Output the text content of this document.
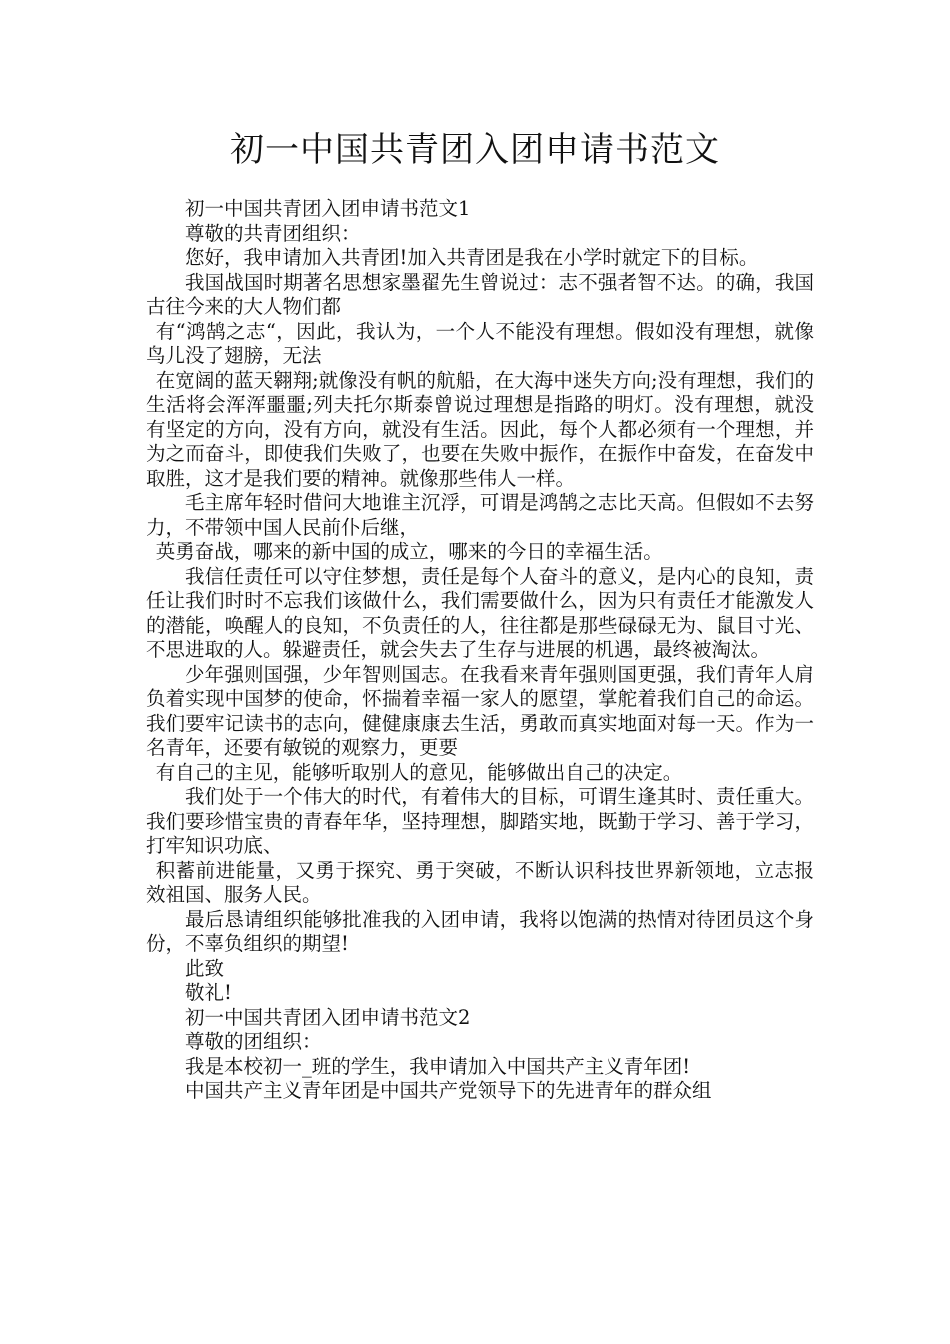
初一中国共青团入团申请书范文

初一中国共青团入团申请书范文1

尊敬的共青团组织：

您好，我申请加入共青团!加入共青团是我在小学时就定下的目标。

我国战国时期著名思想家墨翟先生曾说过：志不强者智不达。的确，我国古往今来的大人物们都

有“鸿鹄之志“，因此，我认为，一个人不能没有理想。假如没有理想，就像鸟儿没了翅膀，无法

在宽阔的蓝天翱翔;就像没有帆的航船，在大海中迷失方向;没有理想，我们的生活将会浑浑噩噩;列夫托尔斯泰曾说过理想是指路的明灯。没有理想，就没有坚定的方向，没有方向，就没有生活。因此，每个人都必须有一个理想，并为之而奋斗，即使我们失败了，也要在失败中振作，在振作中奋发，在奋发中取胜，这才是我们要的精神。就像那些伟人一样。

毛主席年轻时借问大地谁主沉浮，可谓是鸿鹄之志比天高。但假如不去努力，不带领中国人民前仆后继，

英勇奋战，哪来的新中国的成立，哪来的今日的幸福生活。

我信任责任可以守住梦想，责任是每个人奋斗的意义，是内心的良知，责任让我们时时不忘我们该做什么，我们需要做什么，因为只有责任才能激发人的潜能，唤醒人的良知，不负责任的人，往往都是那些碌碌无为、鼠目寸光、不思进取的人。躲避责任，就会失去了生存与进展的机遇，最终被淘汰。

少年强则国强，少年智则国志。在我看来青年强则国更强，我们青年人肩负着实现中国梦的使命，怀揣着幸福一家人的愿望，掌舵着我们自己的命运。我们要牢记读书的志向，健健康康去生活，勇敢而真实地面对每一天。作为一名青年，还要有敏锐的观察力，更要

有自己的主见，能够听取别人的意见，能够做出自己的决定。

我们处于一个伟大的时代，有着伟大的目标，可谓生逢其时、责任重大。我们要珍惜宝贵的青春年华，坚持理想，脚踏实地，既勤于学习、善于学习，打牢知识功底、

积蓄前进能量，又勇于探究、勇于突破，不断认识科技世界新领地，立志报效祖国、服务人民。

最后恳请组织能够批准我的入团申请，我将以饱满的热情对待团员这个身份，不辜负组织的期望!

此致

敬礼!

初一中国共青团入团申请书范文2

尊敬的团组织：

我是本校初一_班的学生，我申请加入中国共产主义青年团!

中国共产主义青年团是中国共产党领导下的先进青年的群众组
